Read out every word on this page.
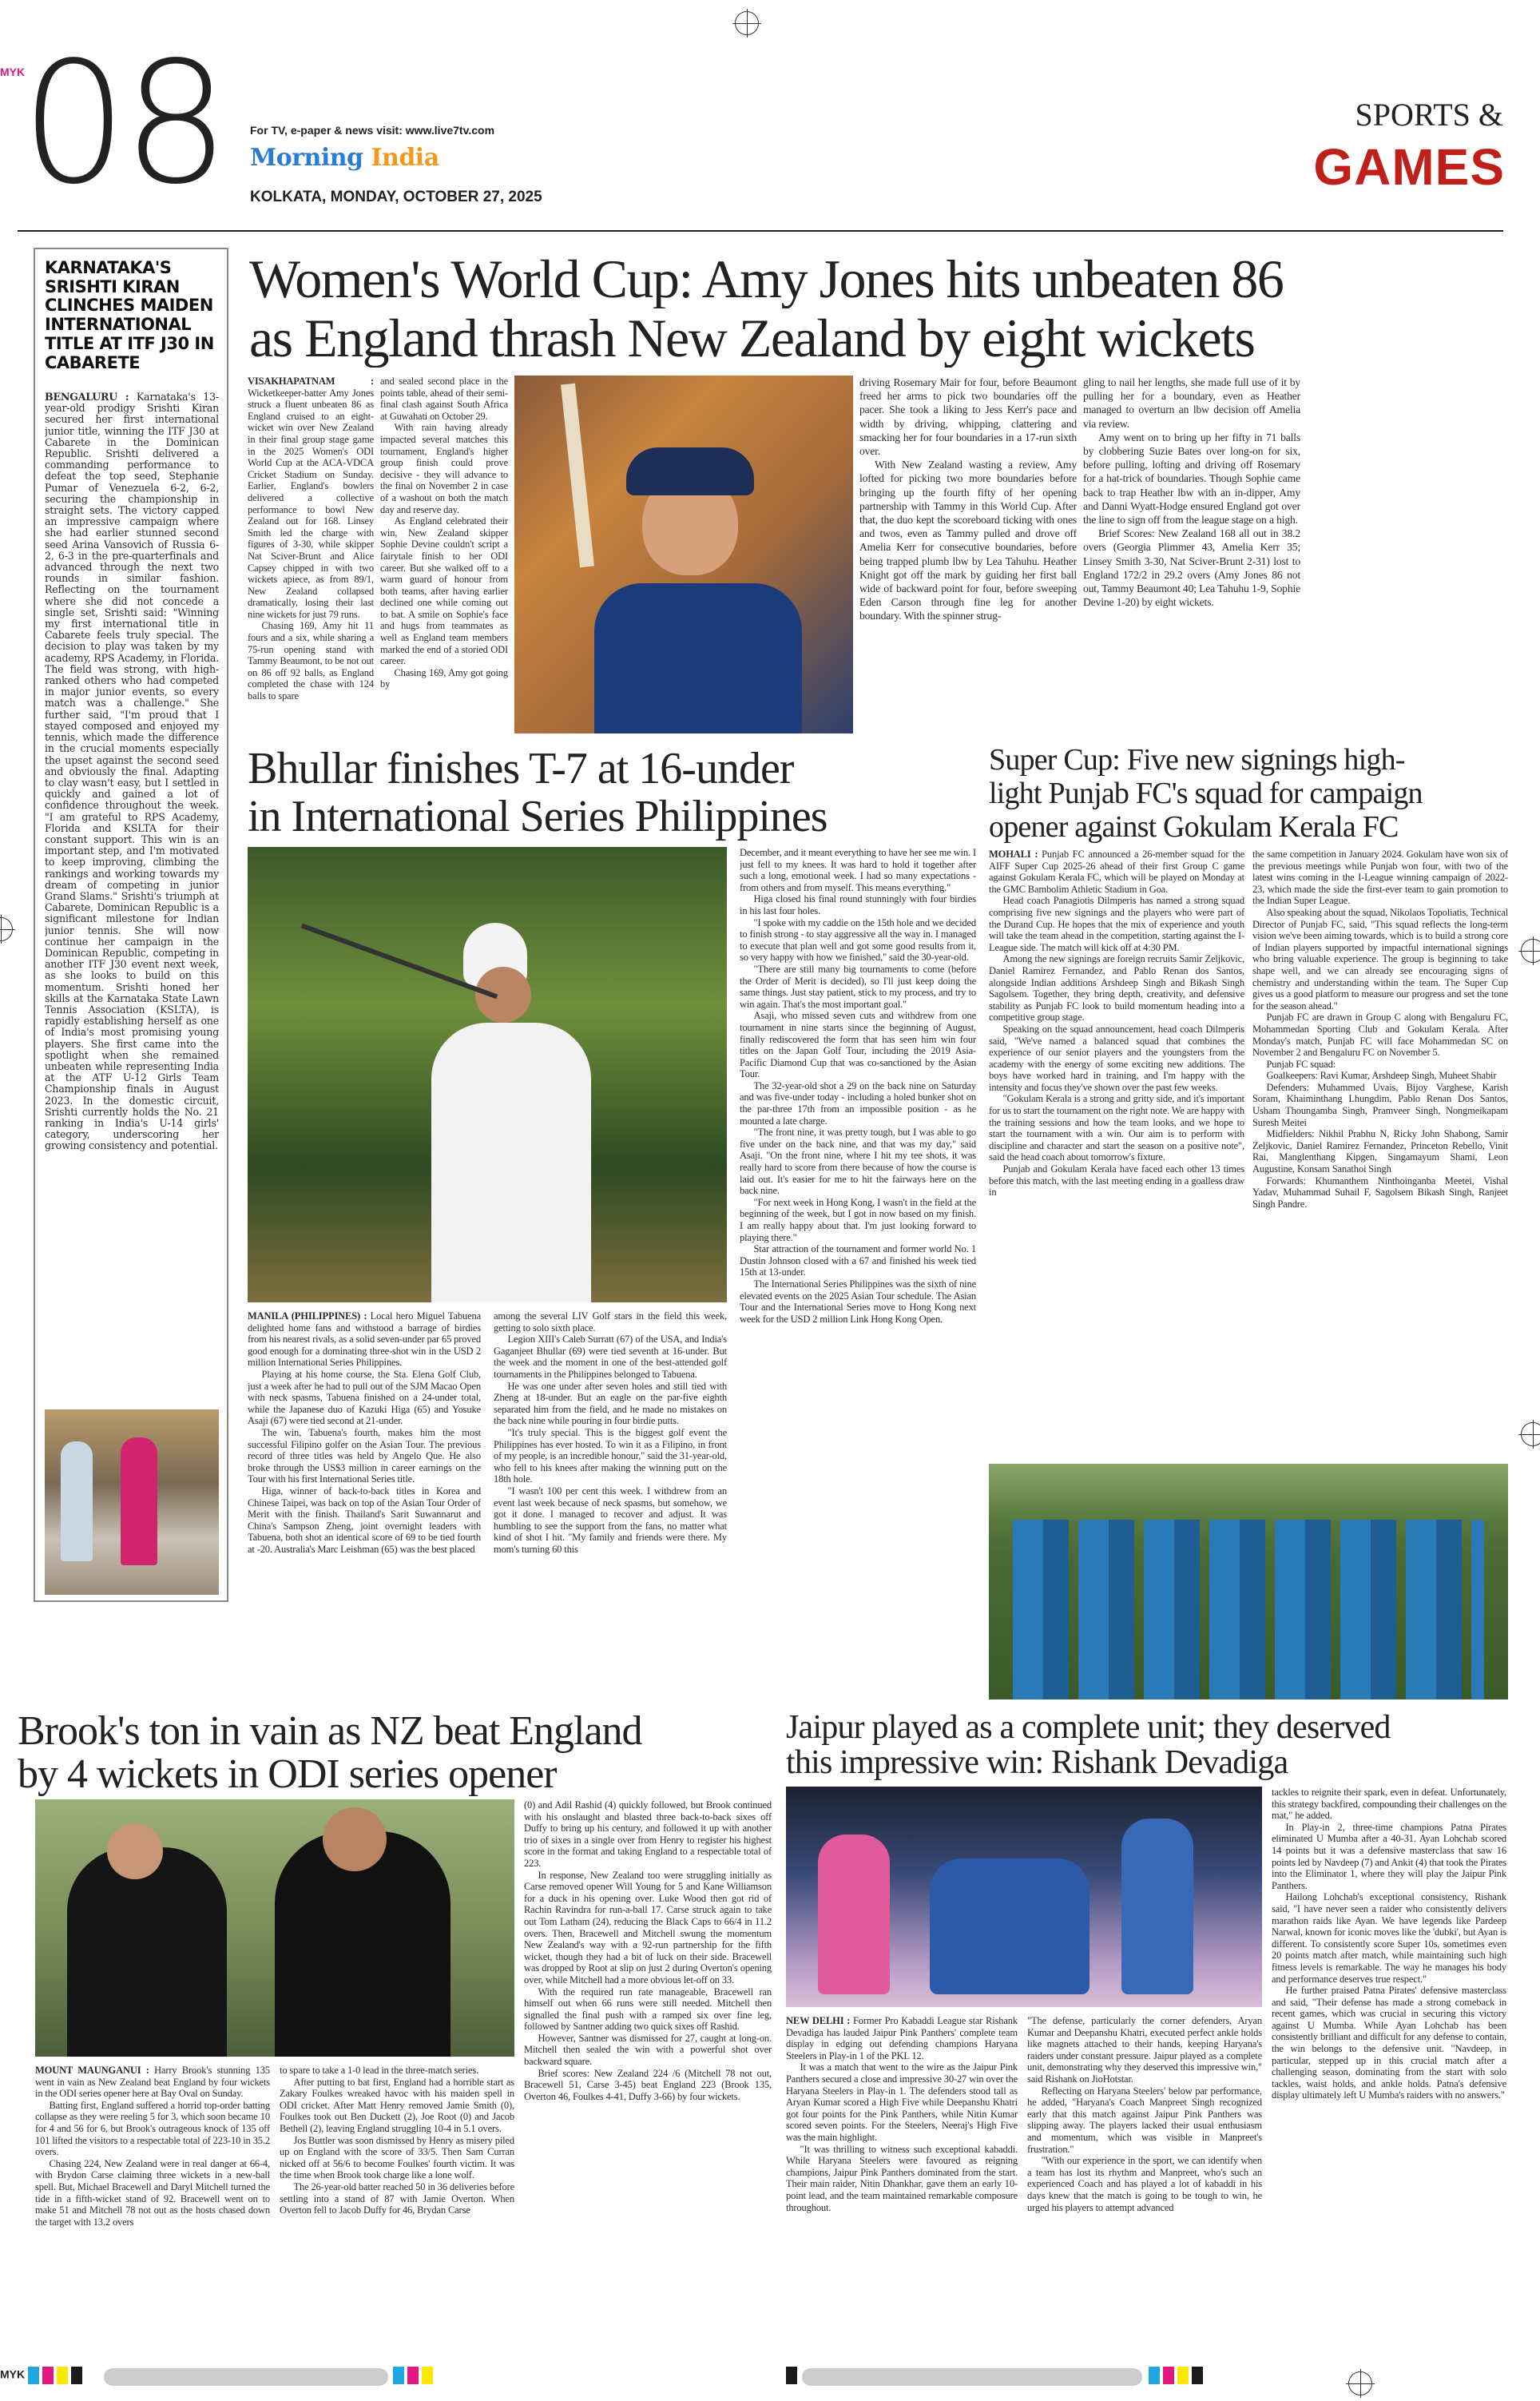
MYK
08 For TV, e-paper & news visit: www.live7tv.com
Morning India
KOLKATA, MONDAY, OCTOBER 27, 2025
SPORTS &
GAMES
KARNATAKA'S SRISHTI KIRAN CLINCHES MAIDEN INTERNATIONAL TITLE AT ITF J30 IN CABARETE

BENGALURU : Karnataka's 13-year-old prodigy Srishti Kiran secured her first international junior title, winning the ITF J30 at Cabarete in the Dominican Republic. Srishti delivered a commanding performance to defeat the top seed, Stephanie Pumar of Venezuela 6-2, 6-2, securing the championship in straight sets. The victory capped an impressive campaign where she had earlier stunned second seed Arina Vansovich of Russia 6-2, 6-3 in the pre-quarterfinals and advanced through the next two rounds in similar fashion. Reflecting on the tournament where she did not concede a single set, Srishti said: "Winning my first international title in Cabarete feels truly special. The decision to play was taken by my academy, RPS Academy, in Florida. The field was strong, with high-ranked others who had competed in major junior events, so every match was a challenge." She further said, "I'm proud that I stayed composed and enjoyed my tennis, which made the difference in the crucial moments especially the upset against the second seed and obviously the final. Adapting to clay wasn't easy, but I settled in quickly and gained a lot of confidence throughout the week. "I am grateful to RPS Academy, Florida and KSLTA for their constant support. This win is an important step, and I'm motivated to keep improving, climbing the rankings and working towards my dream of competing in junior Grand Slams." Srishti's triumph at Cabarete, Dominican Republic is a significant milestone for Indian junior tennis. She will now continue her campaign in the Dominican Republic, competing in another ITF J30 event next week, as she looks to build on this momentum. Srishti honed her skills at the Karnataka State Lawn Tennis Association (KSLTA), is rapidly establishing herself as one of India's most promising young players. She first came into the spotlight when she remained unbeaten while representing India at the ATF U-12 Girls Team Championship finals in August 2023. In the domestic circuit, Srishti currently holds the No. 21 ranking in India's U-14 girls' category, underscoring her growing consistency and potential.

Women's World Cup: Amy Jones hits unbeaten 86
as England thrash New Zealand by eight wickets

VISAKHAPATNAM : Wicketkeeper-batter Amy Jones struck a fluent unbeaten 86 as England cruised to an eight-wicket win over New Zealand in their final group stage game in the 2025 Women's ODI World Cup at the ACA-VDCA Cricket Stadium on Sunday. Earlier, England's bowlers delivered a collective performance to bowl New Zealand out for 168. Linsey Smith led the charge with figures of 3-30, while skipper Nat Sciver-Brunt and Alice Capsey chipped in with two wickets apiece, as from 89/1, New Zealand collapsed dramatically, losing their last nine wickets for just 79 runs.

Chasing 169, Amy hit 11 fours and a six, while sharing a 75-run opening stand with Tammy Beaumont, to be not out on 86 off 92 balls, as England completed the chase with 124 balls to spare

and sealed second place in the points table, ahead of their semi-final clash against South Africa at Guwahati on October 29.

With rain having already impacted several matches this tournament, England's higher group finish could prove decisive - they will advance to the final on November 2 in case of a washout on both the match day and reserve day.

As England celebrated their win, New Zealand skipper Sophie Devine couldn't script a fairytale finish to her ODI career. But she walked off to a warm guard of honour from both teams, after having earlier declined one while coming out to bat. A smile on Sophie's face and hugs from teammates as well as England team members marked the end of a storied ODI career.

Chasing 169, Amy got going by

driving Rosemary Mair for four, before Beaumont freed her arms to pick two boundaries off the pacer. She took a liking to Jess Kerr's pace and width by driving, whipping, clattering and smacking her for four boundaries in a 17-run sixth over.

With New Zealand wasting a review, Amy lofted for picking two more boundaries before bringing up the fourth fifty of her opening partnership with Tammy in this World Cup. After that, the duo kept the scoreboard ticking with ones and twos, even as Tammy pulled and drove off Amelia Kerr for consecutive boundaries, before being trapped plumb lbw by Lea Tahuhu. Heather Knight got off the mark by guiding her first ball wide of backward point for four, before sweeping Eden Carson through fine leg for another boundary. With the spinner strug-

gling to nail her lengths, she made full use of it by pulling her for a boundary, even as Heather managed to overturn an lbw decision off Amelia via review.

Amy went on to bring up her fifty in 71 balls by clobbering Suzie Bates over long-on for six, before pulling, lofting and driving off Rosemary for a hat-trick of boundaries. Though Sophie came back to trap Heather lbw with an in-dipper, Amy and Danni Wyatt-Hodge ensured England got over the line to sign off from the league stage on a high.

Brief Scores: New Zealand 168 all out in 38.2 overs (Georgia Plimmer 43, Amelia Kerr 35; Linsey Smith 3-30, Nat Sciver-Brunt 2-31) lost to England 172/2 in 29.2 overs (Amy Jones 86 not out, Tammy Beaumont 40; Lea Tahuhu 1-9, Sophie Devine 1-20) by eight wickets.

Bhullar finishes T-7 at 16-under
in International Series Philippines

MANILA (PHILIPPINES) : Local hero Miguel Tabuena delighted home fans and withstood a barrage of birdies from his nearest rivals, as a solid seven-under par 65 proved good enough for a dominating three-shot win in the USD 2 million International Series Philippines.

Playing at his home course, the Sta. Elena Golf Club, just a week after he had to pull out of the SJM Macao Open with neck spasms, Tabuena finished on a 24-under total, while the Japanese duo of Kazuki Higa (65) and Yosuke Asaji (67) were tied second at 21-under.

The win, Tabuena's fourth, makes him the most successful Filipino golfer on the Asian Tour. The previous record of three titles was held by Angelo Que. He also broke through the US$3 million in career earnings on the Tour with his first International Series title.

Higa, winner of back-to-back titles in Korea and Chinese Taipei, was back on top of the Asian Tour Order of Merit with the finish. Thailand's Sarit Suwannarut and China's Sampson Zheng, joint overnight leaders with Tabuena, both shot an identical score of 69 to be tied fourth at -20. Australia's Marc Leishman (65) was the best placed

among the several LIV Golf stars in the field this week, getting to solo sixth place.

Legion XIII's Caleb Surratt (67) of the USA, and India's Gaganjeet Bhullar (69) were tied seventh at 16-under. But the week and the moment in one of the best-attended golf tournaments in the Philippines belonged to Tabuena.

He was one under after seven holes and still tied with Zheng at 18-under. But an eagle on the par-five eighth separated him from the field, and he made no mistakes on the back nine while pouring in four birdie putts.

"It's truly special. This is the biggest golf event the Philippines has ever hosted. To win it as a Filipino, in front of my people, is an incredible honour," said the 31-year-old, who fell to his knees after making the winning putt on the 18th hole.

"I wasn't 100 per cent this week. I withdrew from an event last week because of neck spasms, but somehow, we got it done. I managed to recover and adjust. It was humbling to see the support from the fans, no matter what kind of shot I hit. "My family and friends were there. My mom's turning 60 this

December, and it meant everything to have her see me win. I just fell to my knees. It was hard to hold it together after such a long, emotional week. I had so many expectations - from others and from myself. This means everything."

Higa closed his final round stunningly with four birdies in his last four holes.

"I spoke with my caddie on the 15th hole and we decided to finish strong - to stay aggressive all the way in. I managed to execute that plan well and got some good results from it, so very happy with how we finished," said the 30-year-old.

"There are still many big tournaments to come (before the Order of Merit is decided), so I'll just keep doing the same things. Just stay patient, stick to my process, and try to win again. That's the most important goal."

Asaji, who missed seven cuts and withdrew from one tournament in nine starts since the beginning of August, finally rediscovered the form that has seen him win four titles on the Japan Golf Tour, including the 2019 Asia-Pacific Diamond Cup that was co-sanctioned by the Asian Tour.

The 32-year-old shot a 29 on the back nine on Saturday and was five-under today - including a holed bunker shot on the par-three 17th from an impossible position - as he mounted a late charge.

"The front nine, it was pretty tough, but I was able to go five under on the back nine, and that was my day," said Asaji. "On the front nine, where I hit my tee shots, it was really hard to score from there because of how the course is laid out. It's easier for me to hit the fairways here on the back nine.

"For next week in Hong Kong, I wasn't in the field at the beginning of the week, but I got in now based on my finish. I am really happy about that. I'm just looking forward to playing there."

Star attraction of the tournament and former world No. 1 Dustin Johnson closed with a 67 and finished his week tied 15th at 13-under.

The International Series Philippines was the sixth of nine elevated events on the 2025 Asian Tour schedule. The Asian Tour and the International Series move to Hong Kong next week for the USD 2 million Link Hong Kong Open.

Super Cup: Five new signings high-
light Punjab FC's squad for campaign
opener against Gokulam Kerala FC

MOHALI : Punjab FC announced a 26-member squad for the AIFF Super Cup 2025-26 ahead of their first Group C game against Gokulam Kerala FC, which will be played on Monday at the GMC Bambolim Athletic Stadium in Goa.

Head coach Panagiotis Dilmperis has named a strong squad comprising five new signings and the players who were part of the Durand Cup. He hopes that the mix of experience and youth will take the team ahead in the competition, starting against the I-League side. The match will kick off at 4:30 PM.

Among the new signings are foreign recruits Samir Zeljkovic, Daniel Ramirez Fernandez, and Pablo Renan dos Santos, alongside Indian additions Arshdeep Singh and Bikash Singh Sagolsem. Together, they bring depth, creativity, and defensive stability as Punjab FC look to build momentum heading into a competitive group stage.

Speaking on the squad announcement, head coach Dilmperis said, "We've named a balanced squad that combines the experience of our senior players and the youngsters from the academy with the energy of some exciting new additions. The boys have worked hard in training, and I'm happy with the intensity and focus they've shown over the past few weeks.

"Gokulam Kerala is a strong and gritty side, and it's important for us to start the tournament on the right note. We are happy with the training sessions and how the team looks, and we hope to start the tournament with a win. Our aim is to perform with discipline and character and start the season on a positive note", said the head coach about tomorrow's fixture.

Punjab and Gokulam Kerala have faced each other 13 times before this match, with the last meeting ending in a goalless draw in

the same competition in January 2024. Gokulam have won six of the previous meetings while Punjab won four, with two of the latest wins coming in the I-League winning campaign of 2022-23, which made the side the first-ever team to gain promotion to the Indian Super League.

Also speaking about the squad, Nikolaos Topoliatis, Technical Director of Punjab FC, said, "This squad reflects the long-term vision we've been aiming towards, which is to build a strong core of Indian players supported by impactful international signings who bring valuable experience. The group is beginning to take shape well, and we can already see encouraging signs of chemistry and understanding within the team. The Super Cup gives us a good platform to measure our progress and set the tone for the season ahead."

Punjab FC are drawn in Group C along with Bengaluru FC, Mohammedan Sporting Club and Gokulam Kerala. After Monday's match, Punjab FC will face Mohammedan SC on November 2 and Bengaluru FC on November 5.

Punjab FC squad:

Goalkeepers: Ravi Kumar, Arshdeep Singh, Muheet Shabir

Defenders: Muhammed Uvais, Bijoy Varghese, Karish Soram, Khaiminthang Lhungdim, Pablo Renan Dos Santos, Usham Thoungamba Singh, Pramveer Singh, Nongmeikapam Suresh Meitei

Midfielders: Nikhil Prabhu N, Ricky John Shabong, Samir Zeljkovic, Daniel Ramirez Fernandez, Princeton Rebello, Vinit Rai, Manglenthang Kipgen, Singamayum Shami, Leon Augustine, Konsam Sanathoi Singh

Forwards: Khumanthem Ninthoinganba Meetei, Vishal Yadav, Muhammad Suhail F, Sagolsem Bikash Singh, Ranjeet Singh Pandre.

Brook's ton in vain as NZ beat England
by 4 wickets in ODI series opener

MOUNT MAUNGANUI : Harry Brook's stunning 135 went in vain as New Zealand beat England by four wickets in the ODI series opener here at Bay Oval on Sunday.

Batting first, England suffered a horrid top-order batting collapse as they were reeling 5 for 3, which soon became 10 for 4 and 56 for 6, but Brook's outrageous knock of 135 off 101 lifted the visitors to a respectable total of 223-10 in 35.2 overs.

Chasing 224, New Zealand were in real danger at 66-4, with Brydon Carse claiming three wickets in a new-ball spell. But, Michael Bracewell and Daryl Mitchell turned the tide in a fifth-wicket stand of 92. Bracewell went on to make 51 and Mitchell 78 not out as the hosts chased down the target with 13.2 overs

to spare to take a 1-0 lead in the three-match series.

After putting to bat first, England had a horrible start as Zakary Foulkes wreaked havoc with his maiden spell in ODI cricket. After Matt Henry removed Jamie Smith (0), Foulkes took out Ben Duckett (2), Joe Root (0) and Jacob Bethell (2), leaving England struggling 10-4 in 5.1 overs.

Jos Buttler was soon dismissed by Henry as misery piled up on England with the score of 33/5. Then Sam Curran nicked off at 56/6 to become Foulkes' fourth victim. It was the time when Brook took charge like a lone wolf.

The 26-year-old batter reached 50 in 36 deliveries before settling into a stand of 87 with Jamie Overton. When Overton fell to Jacob Duffy for 46, Brydan Carse

(0) and Adil Rashid (4) quickly followed, but Brook continued with his onslaught and blasted three back-to-back sixes off Duffy to bring up his century, and followed it up with another trio of sixes in a single over from Henry to register his highest score in the format and taking England to a respectable total of 223.

In response, New Zealand too were struggling initially as Carse removed opener Will Young for 5 and Kane Williamson for a duck in his opening over. Luke Wood then got rid of Rachin Ravindra for run-a-ball 17. Carse struck again to take out Tom Latham (24), reducing the Black Caps to 66/4 in 11.2 overs. Then, Bracewell and Mitchell swung the momentum New Zealand's way with a 92-run partnership for the fifth wicket, though they had a bit of luck on their side. Bracewell was dropped by Root at slip on just 2 during Overton's opening over, while Mitchell had a more obvious let-off on 33.

With the required run rate manageable, Bracewell ran himself out when 66 runs were still needed. Mitchell then signalled the final push with a ramped six over fine leg, followed by Santner adding two quick sixes off Rashid.

However, Santner was dismissed for 27, caught at long-on. Mitchell then sealed the win with a powerful shot over backward square.

Brief scores: New Zealand 224 /6 (Mitchell 78 not out, Bracewell 51, Carse 3-45) beat England 223 (Brook 135, Overton 46, Foulkes 4-41, Duffy 3-66) by four wickets.

Jaipur played as a complete unit; they deserved
this impressive win: Rishank Devadiga

NEW DELHI : Former Pro Kabaddi League star Rishank Devadiga has lauded Jaipur Pink Panthers' complete team display in edging out defending champions Haryana Steelers in Play-in 1 of the PKL 12.

It was a match that went to the wire as the Jaipur Pink Panthers secured a close and impressive 30-27 win over the Haryana Steelers in Play-in 1. The defenders stood tall as Aryan Kumar scored a High Five while Deepanshu Khatri got four points for the Pink Panthers, while Nitin Kumar scored seven points. For the Steelers, Neeraj's High Five was the main highlight.

"It was thrilling to witness such exceptional kabaddi. While Haryana Steelers were favoured as reigning champions, Jaipur Pink Panthers dominated from the start. Their main raider, Nitin Dhankhar, gave them an early 10-point lead, and the team maintained remarkable composure throughout.

"The defense, particularly the corner defenders, Aryan Kumar and Deepanshu Khatri, executed perfect ankle holds like magnets attached to their hands, keeping Haryana's raiders under constant pressure. Jaipur played as a complete unit, demonstrating why they deserved this impressive win," said Rishank on JioHotstar.

Reflecting on Haryana Steelers' below par performance, he added, "Haryana's Coach Manpreet Singh recognized early that this match against Jaipur Pink Panthers was slipping away. The players lacked their usual enthusiasm and momentum, which was visible in Manpreet's frustration."

"With our experience in the sport, we can identify when a team has lost its rhythm and Manpreet, who's such an experienced Coach and has played a lot of kabaddi in his days knew that the match is going to be tough to win, he urged his players to attempt advanced

tackles to reignite their spark, even in defeat. Unfortunately, this strategy backfired, compounding their challenges on the mat," he added.

In Play-in 2, three-time champions Patna Pirates eliminated U Mumba after a 40-31. Ayan Lohchab scored 14 points but it was a defensive masterclass that saw 16 points led by Navdeep (7) and Ankit (4) that took the Pirates into the Eliminator 1, where they will play the Jaipur Pink Panthers.

Hailong Lohchab's exceptional consistency, Rishank said, "I have never seen a raider who consistently delivers marathon raids like Ayan. We have legends like Pardeep Narwal, known for iconic moves like the 'dubki', but Ayan is different. To consistently score Super 10s, sometimes even 20 points match after match, while maintaining such high fitness levels is remarkable. The way he manages his body and performance deserves true respect."

He further praised Patna Pirates' defensive masterclass and said, "Their defense has made a strong comeback in recent games, which was crucial in securing this victory against U Mumba. While Ayan Lohchab has been consistently brilliant and difficult for any defense to contain, the win belongs to the defensive unit. "Navdeep, in particular, stepped up in this crucial match after a challenging season, dominating from the start with solo tackles, waist holds, and ankle holds. Patna's defensive display ultimately left U Mumba's raiders with no answers."

MYK
